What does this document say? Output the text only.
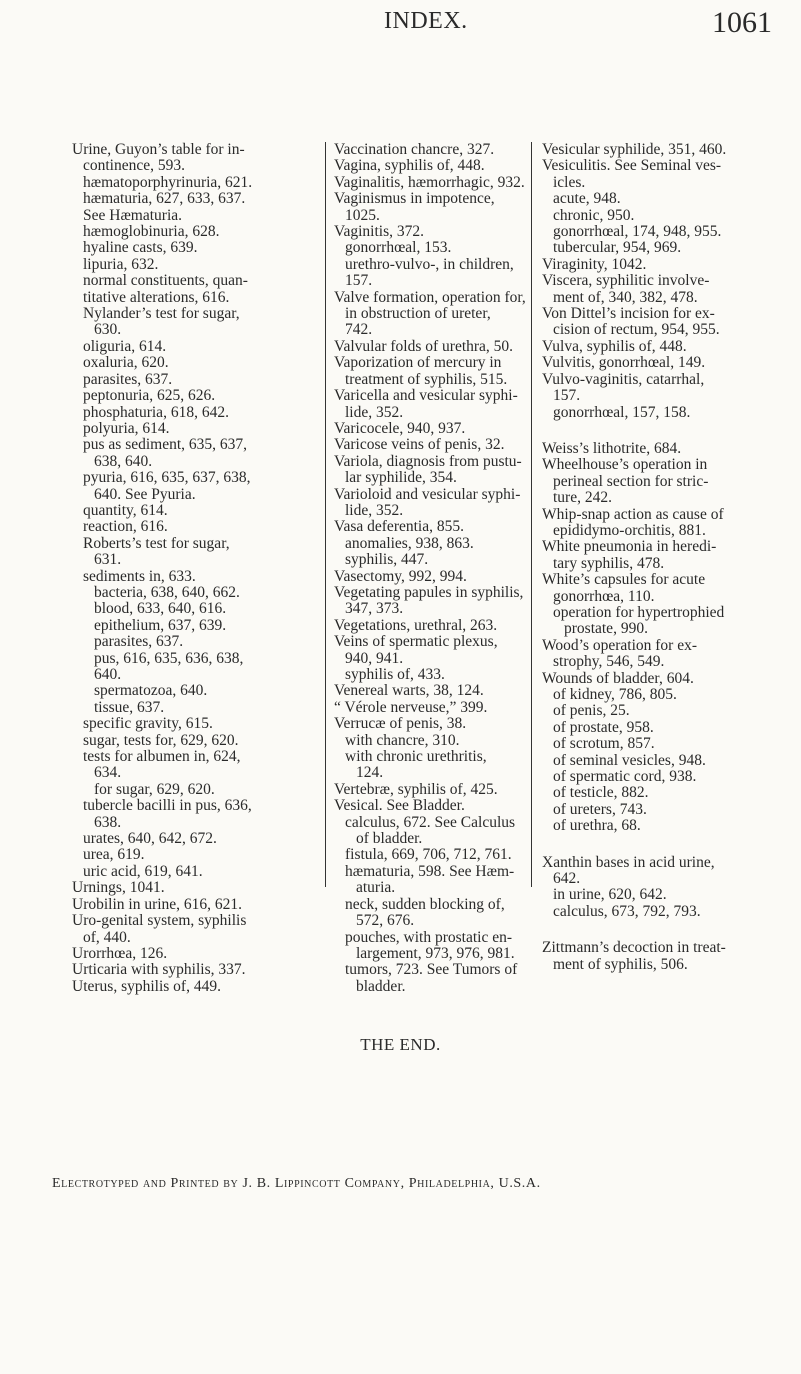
INDEX.	1061
Urine, Guyon’s table for in-
continence, 593.
hæmatoporphyrinuria, 621.
hæmaturia, 627, 633, 637.
See Hæmaturia.
hæmoglobinuria, 628.
hyaline casts, 639.
lipuria, 632.
normal constituents, quan-
titative alterations, 616.
Nylander’s test for sugar,
630.
oliguria, 614.
oxaluria, 620.
parasites, 637.
peptonuria, 625, 626.
phosphaturia, 618, 642.
polyuria, 614.
pus as sediment, 635, 637,
638, 640.
pyuria, 616, 635, 637, 638,
640. See Pyuria.
quantity, 614.
reaction, 616.
Roberts’s test for sugar,
631.
sediments in, 633.
bacteria, 638, 640, 662.
blood, 633, 640, 616.
epithelium, 637, 639.
parasites, 637.
pus, 616, 635, 636, 638,
640.
spermatozoa, 640.
tissue, 637.
specific gravity, 615.
sugar, tests for, 629, 620.
tests for albumen in, 624,
634.
for sugar, 629, 620.
tubercle bacilli in pus, 636,
638.
urates, 640, 642, 672.
urea, 619.
uric acid, 619, 641.
Urnings, 1041.
Urobilin in urine, 616, 621.
Uro-genital system, syphilis
of, 440.
Urorrhœa, 126.
Urticaria with syphilis, 337.
Uterus, syphilis of, 449.
Vaccination chancre, 327.
Vagina, syphilis of, 448.
Vaginalitis, hæmorrhagic, 932.
Vaginismus in impotence,
1025.
Vaginitis, 372.
gonorrhœal, 153.
urethro-vulvo-, in children,
157.
Valve formation, operation for,
in obstruction of ureter,
742.
Valvular folds of urethra, 50.
Vaporization of mercury in
treatment of syphilis, 515.
Varicella and vesicular syphi-
lide, 352.
Varicocele, 940, 937.
Varicose veins of penis, 32.
Variola, diagnosis from pustu-
lar syphilide, 354.
Varioloid and vesicular syphi-
lide, 352.
Vasa deferentia, 855.
anomalies, 938, 863.
syphilis, 447.
Vasectomy, 992, 994.
Vegetating papules in syphilis,
347, 373.
Vegetations, urethral, 263.
Veins of spermatic plexus,
940, 941.
syphilis of, 433.
Venereal warts, 38, 124.
“ Vérole nerveuse,” 399.
Verrucæ of penis, 38.
with chancre, 310.
with chronic urethritis,
124.
Vertebræ, syphilis of, 425.
Vesical. See Bladder.
calculus, 672. See Calculus
of bladder.
fistula, 669, 706, 712, 761.
hæmaturia, 598. See Hæm-
aturia.
neck, sudden blocking of,
572, 676.
pouches, with prostatic en-
largement, 973, 976, 981.
tumors, 723. See Tumors of
bladder.
Vesicular syphilide, 351, 460.
Vesiculitis. See Seminal ves-
icles.
acute, 948.
chronic, 950.
gonorrhœal, 174, 948, 955.
tubercular, 954, 969.
Viraginity, 1042.
Viscera, syphilitic involve-
ment of, 340, 382, 478.
Von Dittel’s incision for ex-
cision of rectum, 954, 955.
Vulva, syphilis of, 448.
Vulvitis, gonorrhœal, 149.
Vulvo-vaginitis, catarrhal,
157.
gonorrhœal, 157, 158.
Weiss’s lithotrite, 684.
Wheelhouse’s operation in
perineal section for stric-
ture, 242.
Whip-snap action as cause of
epididymo-orchitis, 881.
White pneumonia in heredi-
tary syphilis, 478.
White’s capsules for acute
gonorrhœa, 110.
operation for hypertrophied
prostate, 990.
Wood’s operation for ex-
strophy, 546, 549.
Wounds of bladder, 604.
of kidney, 786, 805.
of penis, 25.
of prostate, 958.
of scrotum, 857.
of seminal vesicles, 948.
of spermatic cord, 938.
of testicle, 882.
of ureters, 743.
of urethra, 68.
Xanthin bases in acid urine,
642.
in urine, 620, 642.
calculus, 673, 792, 793.
Zittmann’s decoction in treat-
ment of syphilis, 506.
THE END.
Electrotyped and Printed by J. B. Lippincott Company, Philadelphia, U.S.A.
